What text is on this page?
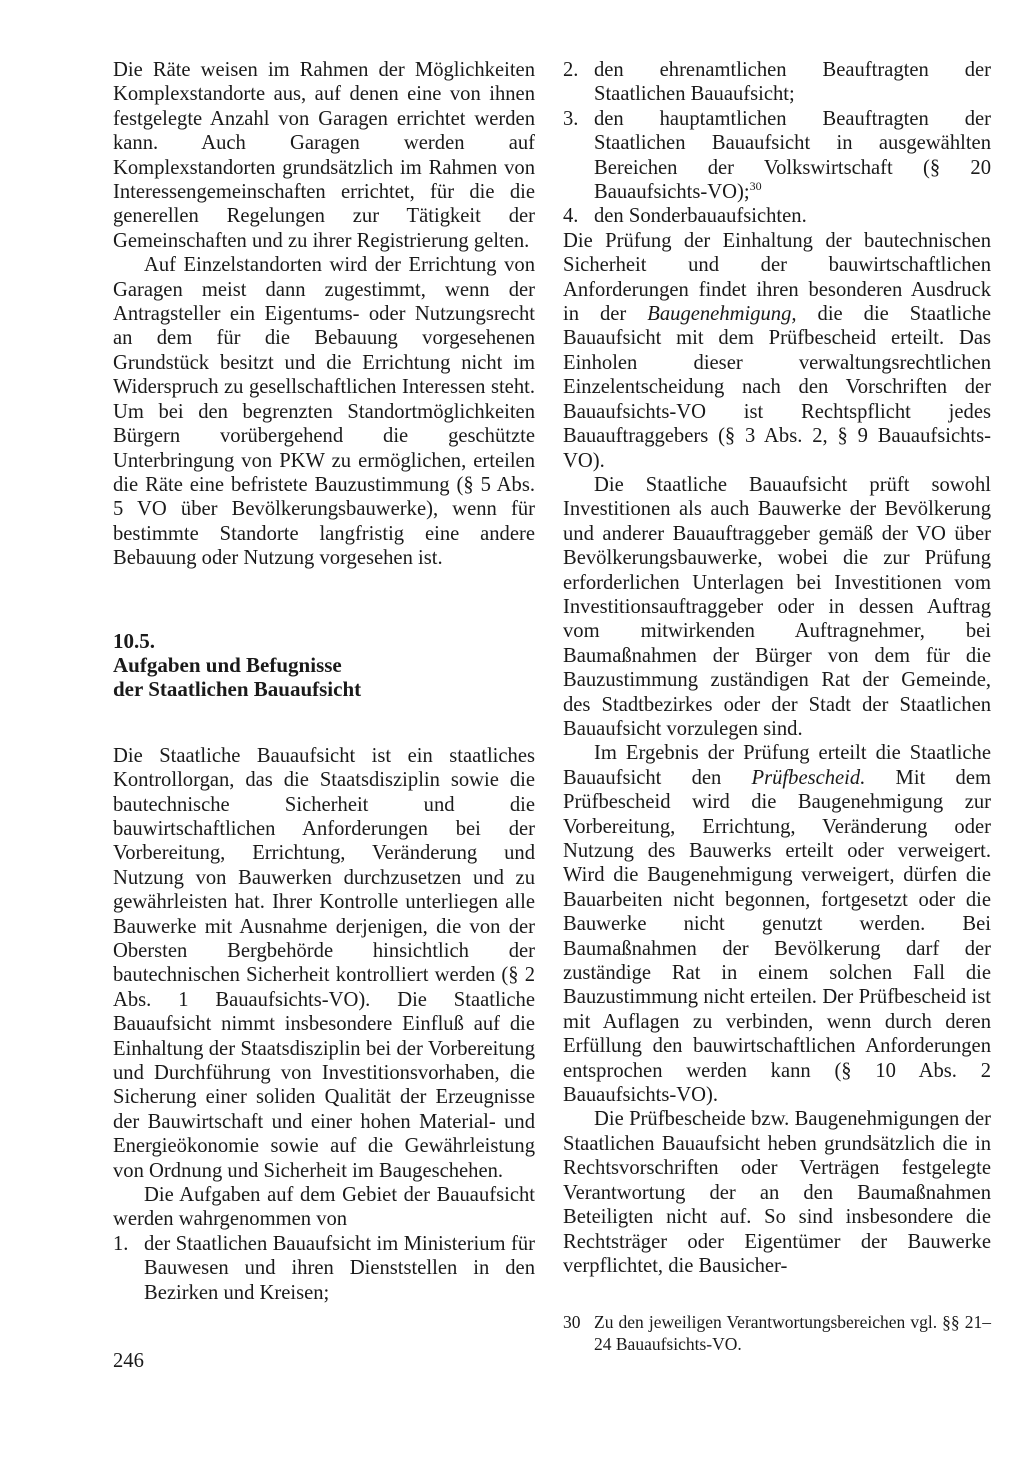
Die Räte weisen im Rahmen der Möglichkeiten Komplexstandorte aus, auf denen eine von ihnen festgelegte Anzahl von Garagen errichtet werden kann. Auch Garagen werden auf Komplexstandorten grundsätzlich im Rahmen von Interessengemeinschaften errichtet, für die die generellen Regelungen zur Tätigkeit der Gemeinschaften und zu ihrer Registrierung gelten.

Auf Einzelstandorten wird der Errichtung von Garagen meist dann zugestimmt, wenn der Antragsteller ein Eigentums- oder Nutzungsrecht an dem für die Bebauung vorgesehenen Grundstück besitzt und die Errichtung nicht im Widerspruch zu gesellschaftlichen Interessen steht. Um bei den begrenzten Standortmöglichkeiten Bürgern vorübergehend die geschützte Unterbringung von PKW zu ermöglichen, erteilen die Räte eine befristete Bauzustimmung (§ 5 Abs. 5 VO über Bevölkerungsbauwerke), wenn für bestimmte Standorte langfristig eine andere Bebauung oder Nutzung vorgesehen ist.

10.5.
Aufgaben und Befugnisse
der Staatlichen Bauaufsicht

Die Staatliche Bauaufsicht ist ein staatliches Kontrollorgan, das die Staatsdisziplin sowie die bautechnische Sicherheit und die bauwirtschaftlichen Anforderungen bei der Vorbereitung, Errichtung, Veränderung und Nutzung von Bauwerken durchzusetzen und zu gewährleisten hat. Ihrer Kontrolle unterliegen alle Bauwerke mit Ausnahme derjenigen, die von der Obersten Bergbehörde hinsichtlich der bautechnischen Sicherheit kontrolliert werden (§ 2 Abs. 1 Bauaufsichts-VO). Die Staatliche Bauaufsicht nimmt insbesondere Einfluß auf die Einhaltung der Staatsdisziplin bei der Vorbereitung und Durchführung von Investitionsvorhaben, die Sicherung einer soliden Qualität der Erzeugnisse der Bauwirtschaft und einer hohen Material- und Energieökonomie sowie auf die Gewährleistung von Ordnung und Sicherheit im Baugeschehen.

Die Aufgaben auf dem Gebiet der Bauaufsicht werden wahrgenommen von

1. der Staatlichen Bauaufsicht im Ministerium für Bauwesen und ihren Dienststellen in den Bezirken und Kreisen;
2. den ehrenamtlichen Beauftragten der Staatlichen Bauaufsicht;
3. den hauptamtlichen Beauftragten der Staatlichen Bauaufsicht in ausgewählten Bereichen der Volkswirtschaft (§ 20 Bauaufsichts-VO);$^{30}$
4. den Sonderbauaufsichten.

Die Prüfung der Einhaltung der bautechnischen Sicherheit und der bauwirtschaftlichen Anforderungen findet ihren besonderen Ausdruck in der Baugenehmigung, die die Staatliche Bauaufsicht mit dem Prüfbescheid erteilt. Das Einholen dieser verwaltungsrechtlichen Einzelentscheidung nach den Vorschriften der Bauaufsichts-VO ist Rechtspflicht jedes Bauauftraggebers (§ 3 Abs. 2, § 9 Bauaufsichts-VO).

Die Staatliche Bauaufsicht prüft sowohl Investitionen als auch Bauwerke der Bevölkerung und anderer Bauauftraggeber gemäß der VO über Bevölkerungsbauwerke, wobei die zur Prüfung erforderlichen Unterlagen bei Investitionen vom Investitionsauftraggeber oder in dessen Auftrag vom mitwirkenden Auftragnehmer, bei Baumaßnahmen der Bürger von dem für die Bauzustimmung zuständigen Rat der Gemeinde, des Stadtbezirkes oder der Stadt der Staatlichen Bauaufsicht vorzulegen sind.

Im Ergebnis der Prüfung erteilt die Staatliche Bauaufsicht den Prüfbescheid. Mit dem Prüfbescheid wird die Baugenehmigung zur Vorbereitung, Errichtung, Veränderung oder Nutzung des Bauwerks erteilt oder verweigert. Wird die Baugenehmigung verweigert, dürfen die Bauarbeiten nicht begonnen, fortgesetzt oder die Bauwerke nicht genutzt werden. Bei Baumaßnahmen der Bevölkerung darf der zuständige Rat in einem solchen Fall die Bauzustimmung nicht erteilen. Der Prüfbescheid ist mit Auflagen zu verbinden, wenn durch deren Erfüllung den bauwirtschaftlichen Anforderungen entsprochen werden kann (§ 10 Abs. 2 Bauaufsichts-VO).

Die Prüfbescheide bzw. Baugenehmigungen der Staatlichen Bauaufsicht heben grundsätzlich die in Rechtsvorschriften oder Verträgen festgelegte Verantwortung der an den Baumaßnahmen Beteiligten nicht auf. So sind insbesondere die Rechtsträger oder Eigentümer der Bauwerke verpflichtet, die Bausicher-

30 Zu den jeweiligen Verantwortungsbereichen vgl. §§ 21–24 Bauaufsichts-VO.
246
